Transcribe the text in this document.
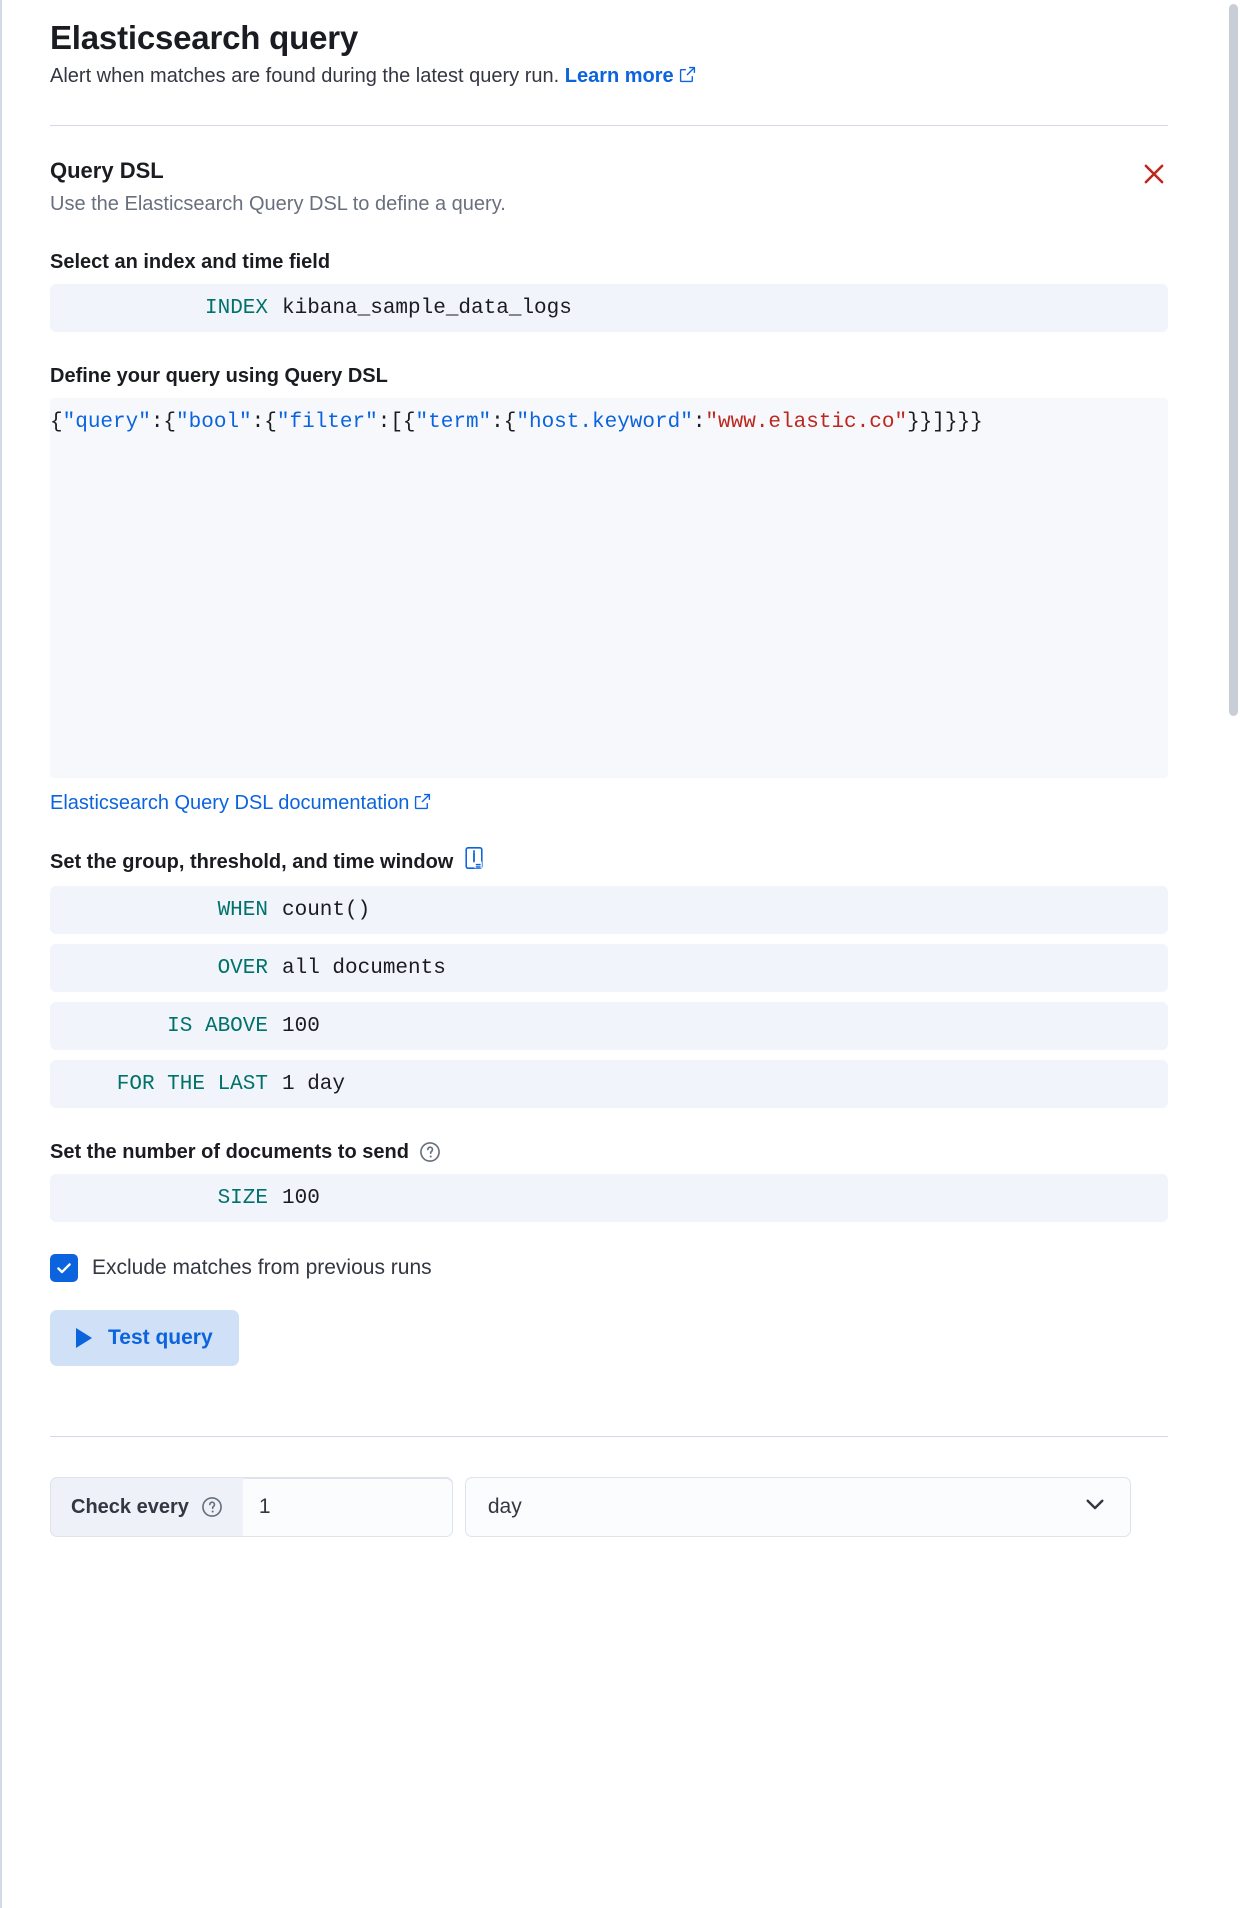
Elasticsearch query

Alert when matches are found during the latest query run. Learn more

Query DSL

Use the Elasticsearch Query DSL to define a query.

Select an index and time field
INDEX kibana_sample_data_logs
Define your query using Query DSL
{"query":{"bool":{"filter":[{"term":{"host.keyword":"www.elastic.co"}}]}}}
Elasticsearch Query DSL documentation
Set the group, threshold, and time window
WHEN count()
OVER all documents
IS ABOVE 100
FOR THE LAST 1 day
Set the number of documents to send
SIZE 100
Exclude matches from previous runs
Test query
Check every
1	day
